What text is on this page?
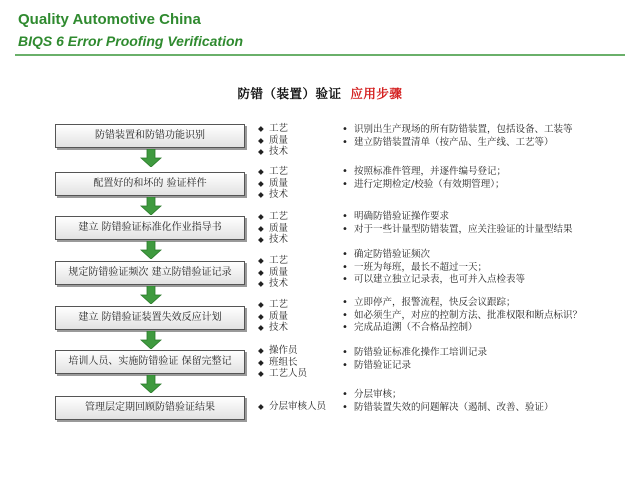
Quality Automotive China
BIQS 6 Error Proofing Verification
防错（装置）验证 应用步骤
防错装置和防错功能识别
◆ 工艺
◆ 质量
◆ 技术
• 识别出生产现场的所有防错装置，包括设备、工装等
• 建立防错装置清单（按产品、生产线、工艺等）
配置好的和坏的 验证样件
◆ 工艺
◆ 质量
◆ 技术
• 按照标准件管理，并逐件编号登记；
• 进行定期检定/校验（有效期管理）；
建立 防错验证标准化作业指导书
◆ 工艺
◆ 质量
◆ 技术
• 明确防错验证操作要求
• 对于一些计量型防错装置，应关注验证的计量型结果
规定防错验证频次 建立防错验证记录
◆ 工艺
◆ 质量
◆ 技术
• 确定防错验证频次
• 一班为每班，最长不超过一天；
• 可以建立独立记录表，也可并入点检表等
建立 防错验证装置失效反应计划
◆ 工艺
◆ 质量
◆ 技术
• 立即停产，报警流程，快反会议跟踪；
• 如必须生产，对应的控制方法、批准权限和断点标识？
• 完成品追溯（不合格品控制）
培训人员、实施防错验证 保留完整记
◆ 操作员
◆ 班组长
◆ 工艺人员
• 防错验证标准化操作工培训记录
• 防错验证记录
管理层定期回顾防错验证结果
◆	分层审核人员
• 分层审核；
• 防错装置失效的问题解决（遏制、改善、验证）
